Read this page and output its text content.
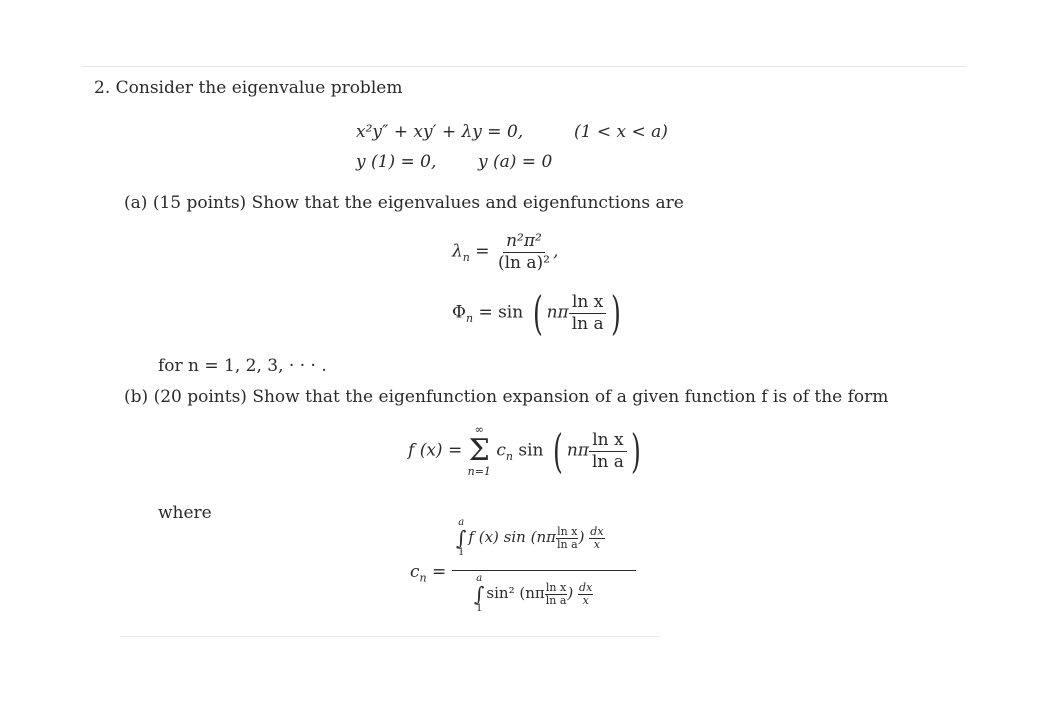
2. Consider the eigenvalue problem
x²y″ + xy′ + λy = 0,	(1 < x < a)
y (1) = 0, y (a) = 0
(a) (15 points) Show that the eigenvalues and eigenfunctions are
$\lambda_n = \frac{\text{n²π²}}{\text{(ln a)²}}$ ,
$\Phi_n = \sin$ ( nπ $\frac{\text{ln x}}{\text{ln a}}$ )
for n = 1, 2, 3, · · · .
(b) (20 points) Show that the eigenfunction expansion of a given function f is of the form
f (x) =
∞
Σ
n=1
$c_n$ sin ( nπ $\frac{\text{ln x}}{\text{ln a}}$ )
where
$c_n$ =
a
∫
1
f (x) $\sin (n\pi \frac{\text{ln x}}{\text{ln a}}$ ) $\frac{dx}{x}$
a
∫
1
sin² ($n\pi \frac{\text{ln x}}{\text{ln a}}$ ) $\frac{dx}{x}$
